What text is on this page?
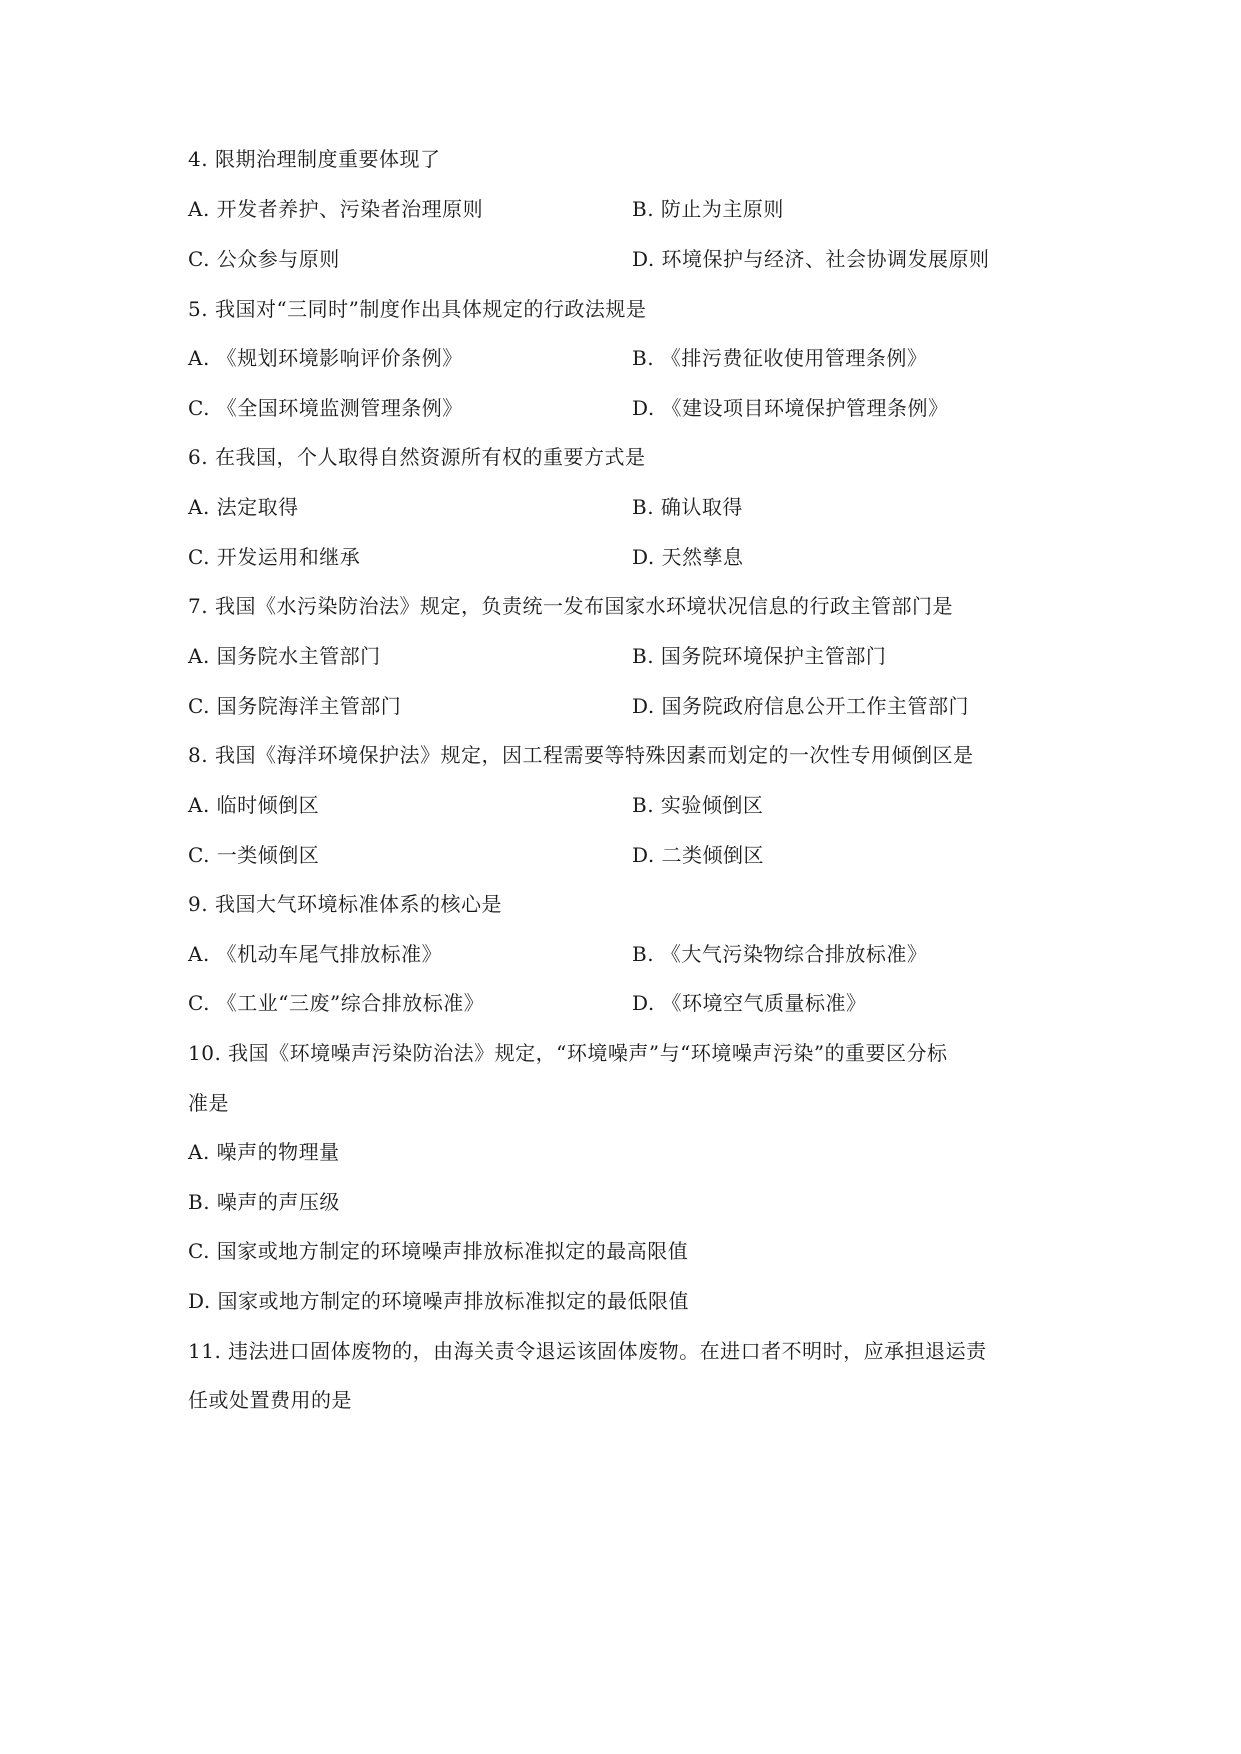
4. 限期治理制度重要体现了
A. 开发者养护、污染者治理原则	B. 防止为主原则
C. 公众参与原则	D. 环境保护与经济、社会协调发展原则
5. 我国对“三同时”制度作出具体规定的行政法规是
A. 《规划环境影响评价条例》	B. 《排污费征收使用管理条例》
C. 《全国环境监测管理条例》	D. 《建设项目环境保护管理条例》
6. 在我国，个人取得自然资源所有权的重要方式是
A. 法定取得	B. 确认取得
C. 开发运用和继承	D. 天然孳息
7. 我国《水污染防治法》规定，负责统一发布国家水环境状况信息的行政主管部门是
A. 国务院水主管部门	B. 国务院环境保护主管部门
C. 国务院海洋主管部门	D. 国务院政府信息公开工作主管部门
8. 我国《海洋环境保护法》规定，因工程需要等特殊因素而划定的一次性专用倾倒区是
A. 临时倾倒区	B. 实验倾倒区
C. 一类倾倒区	D. 二类倾倒区
9. 我国大气环境标准体系的核心是
A. 《机动车尾气排放标准》	B. 《大气污染物综合排放标准》
C. 《工业“三废”综合排放标准》	D. 《环境空气质量标准》
10. 我国《环境噪声污染防治法》规定，“环境噪声”与“环境噪声污染”的重要区分标
准是
A. 噪声的物理量
B. 噪声的声压级
C. 国家或地方制定的环境噪声排放标准拟定的最高限值
D. 国家或地方制定的环境噪声排放标准拟定的最低限值
11. 违法进口固体废物的，由海关责令退运该固体废物。在进口者不明时，应承担退运责
任或处置费用的是
